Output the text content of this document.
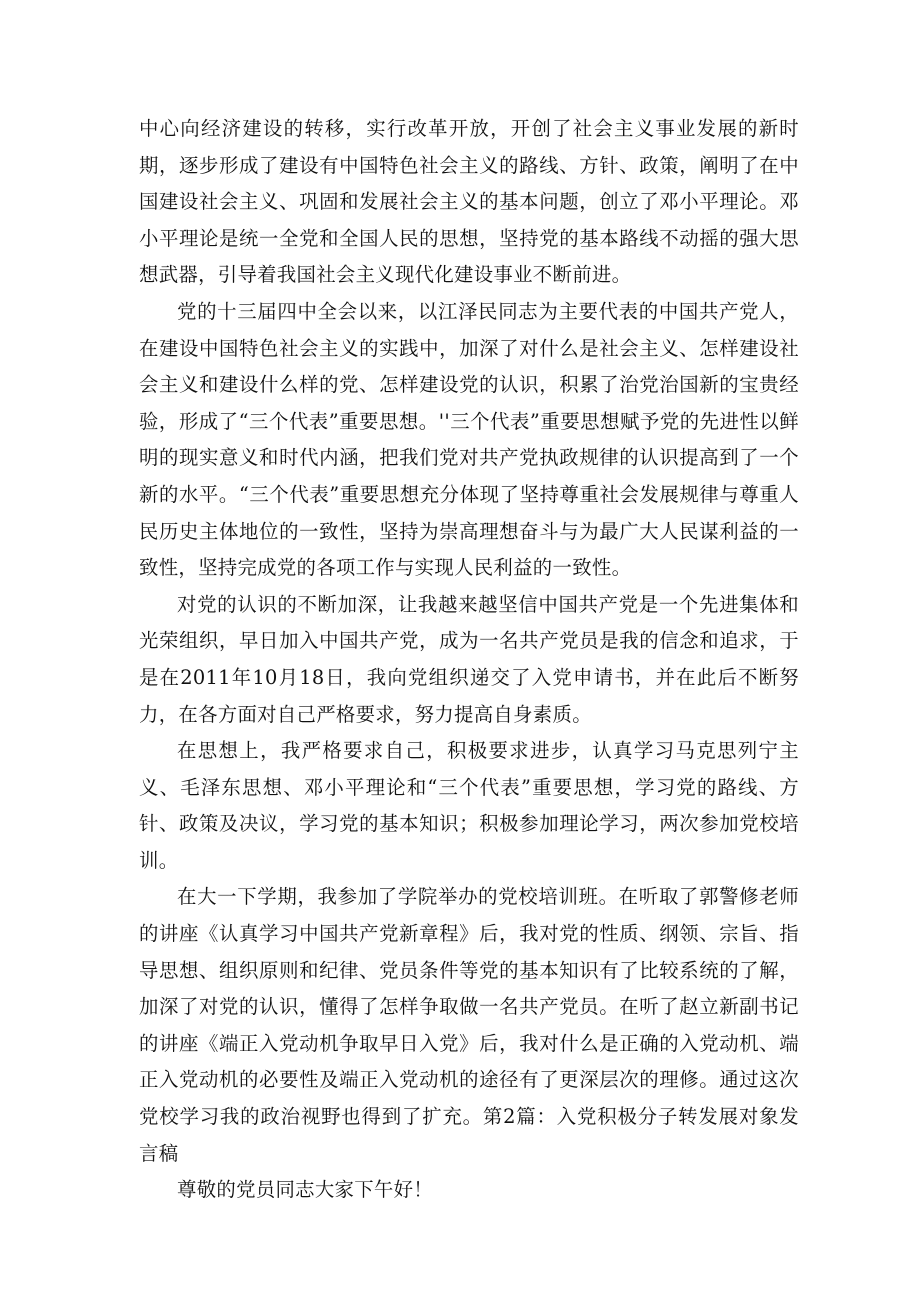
中心向经济建设的转移，实行改革开放，开创了社会主义事业发展的新时期，逐步形成了建设有中国特色社会主义的路线、方针、政策，阐明了在中国建设社会主义、巩固和发展社会主义的基本问题，创立了邓小平理论。邓小平理论是统一全党和全国人民的思想，坚持党的基本路线不动摇的强大思想武器，引导着我国社会主义现代化建设事业不断前进。

党的十三届四中全会以来，以江泽民同志为主要代表的中国共产党人，在建设中国特色社会主义的实践中，加深了对什么是社会主义、怎样建设社会主义和建设什么样的党、怎样建设党的认识，积累了治党治国新的宝贵经验，形成了“三个代表”重要思想。''三个代表”重要思想赋予党的先进性以鲜明的现实意义和时代内涵，把我们党对共产党执政规律的认识提高到了一个新的水平。“三个代表”重要思想充分体现了坚持尊重社会发展规律与尊重人民历史主体地位的一致性，坚持为崇高理想奋斗与为最广大人民谋利益的一致性，坚持完成党的各项工作与实现人民利益的一致性。

对党的认识的不断加深，让我越来越坚信中国共产党是一个先进集体和光荣组织，早日加入中国共产党，成为一名共产党员是我的信念和追求，于是在2011年10月18日，我向党组织递交了入党申请书，并在此后不断努力，在各方面对自己严格要求，努力提高自身素质。

在思想上，我严格要求自己，积极要求进步，认真学习马克思列宁主义、毛泽东思想、邓小平理论和“三个代表”重要思想，学习党的路线、方针、政策及决议，学习党的基本知识；积极参加理论学习，两次参加党校培训。

在大一下学期，我参加了学院举办的党校培训班。在听取了郭警修老师的讲座《认真学习中国共产党新章程》后，我对党的性质、纲领、宗旨、指导思想、组织原则和纪律、党员条件等党的基本知识有了比较系统的了解，加深了对党的认识，懂得了怎样争取做一名共产党员。在听了赵立新副书记的讲座《端正入党动机争取早日入党》后，我对什么是正确的入党动机、端正入党动机的必要性及端正入党动机的途径有了更深层次的理修。通过这次党校学习我的政治视野也得到了扩充。第2篇：入党积极分子转发展对象发言稿

尊敬的党员同志大家下午好！
